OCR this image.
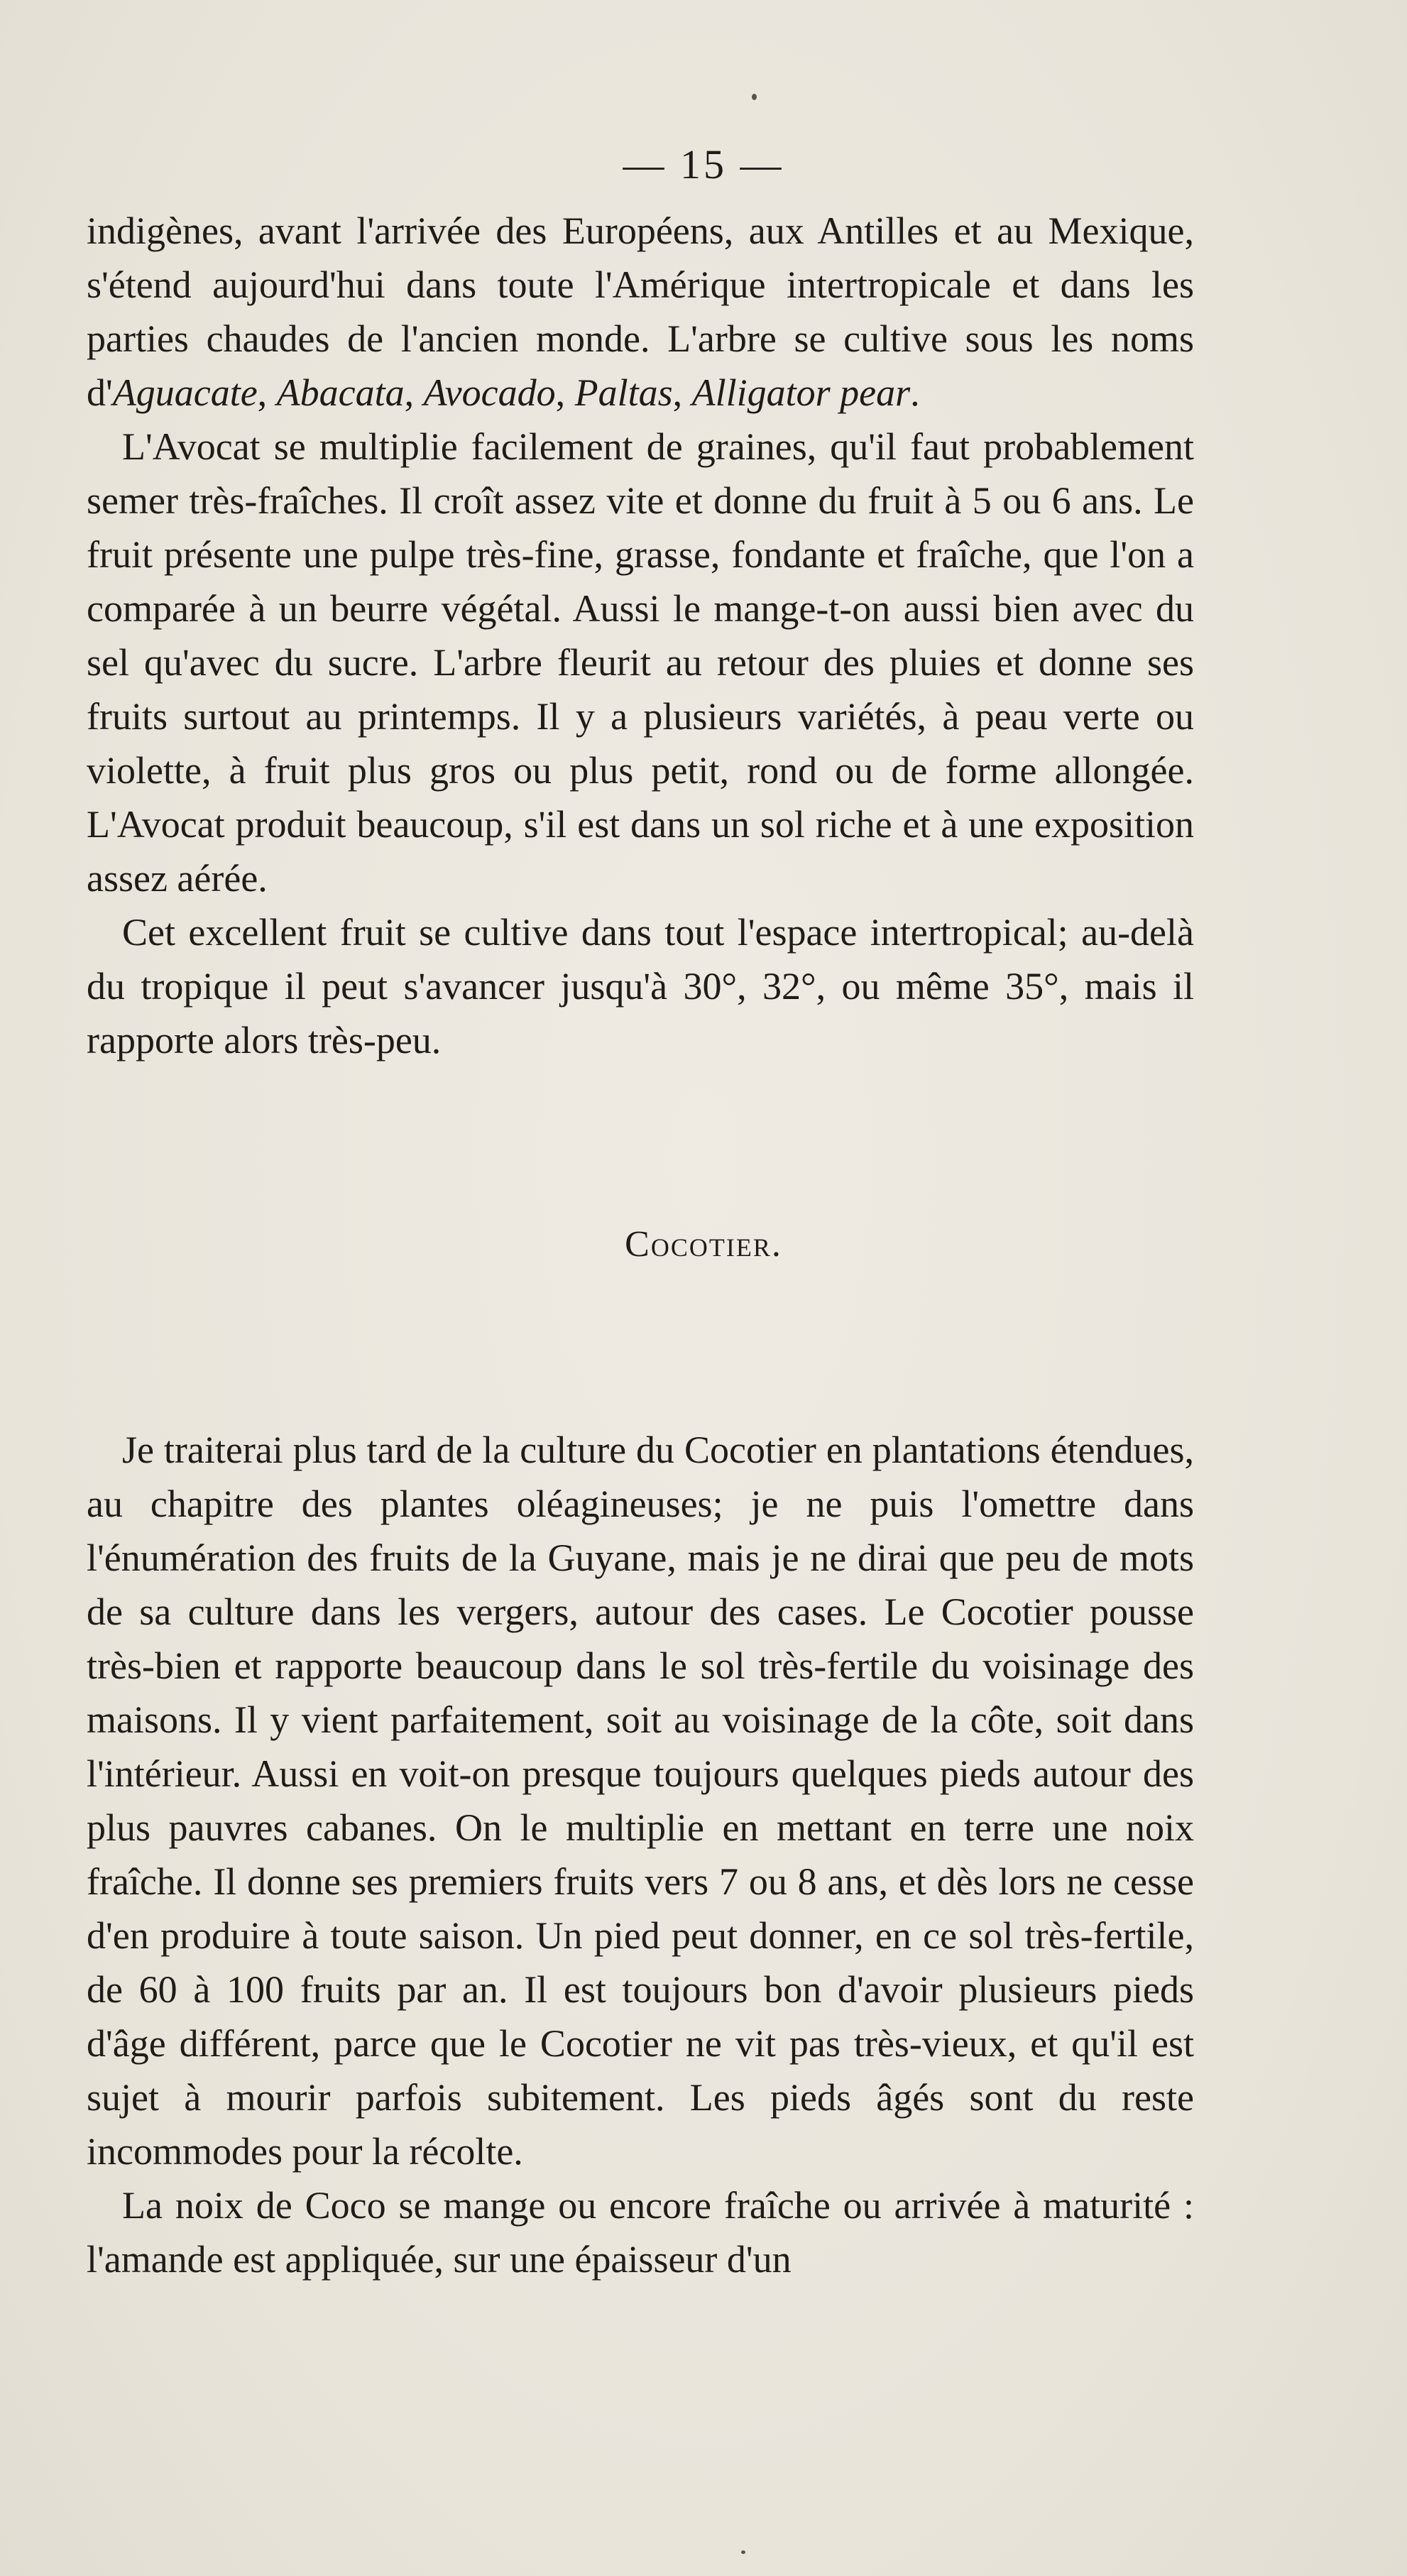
— 15 —

indigènes, avant l'arrivée des Européens, aux Antilles et au Mexique, s'étend aujourd'hui dans toute l'Amérique intertropicale et dans les parties chaudes de l'ancien monde. L'arbre se cultive sous les noms d'Aguacate, Abacata, Avocado, Paltas, Alligator pear.

L'Avocat se multiplie facilement de graines, qu'il faut probablement semer très-fraîches. Il croît assez vite et donne du fruit à 5 ou 6 ans. Le fruit présente une pulpe très-fine, grasse, fondante et fraîche, que l'on a comparée à un beurre végétal. Aussi le mange-t-on aussi bien avec du sel qu'avec du sucre. L'arbre fleurit au retour des pluies et donne ses fruits surtout au printemps. Il y a plusieurs variétés, à peau verte ou violette, à fruit plus gros ou plus petit, rond ou de forme allongée. L'Avocat produit beaucoup, s'il est dans un sol riche et à une exposition assez aérée.

Cet excellent fruit se cultive dans tout l'espace intertropical; au-delà du tropique il peut s'avancer jusqu'à 30°, 32°, ou même 35°, mais il rapporte alors très-peu.

Cocotier.

Je traiterai plus tard de la culture du Cocotier en plantations étendues, au chapitre des plantes oléagineuses; je ne puis l'omettre dans l'énumération des fruits de la Guyane, mais je ne dirai que peu de mots de sa culture dans les vergers, autour des cases. Le Cocotier pousse très-bien et rapporte beaucoup dans le sol très-fertile du voisinage des maisons. Il y vient parfaitement, soit au voisinage de la côte, soit dans l'intérieur. Aussi en voit-on presque toujours quelques pieds autour des plus pauvres cabanes. On le multiplie en mettant en terre une noix fraîche. Il donne ses premiers fruits vers 7 ou 8 ans, et dès lors ne cesse d'en produire à toute saison. Un pied peut donner, en ce sol très-fertile, de 60 à 100 fruits par an. Il est toujours bon d'avoir plusieurs pieds d'âge différent, parce que le Cocotier ne vit pas très-vieux, et qu'il est sujet à mourir parfois subitement. Les pieds âgés sont du reste incommodes pour la récolte.

La noix de Coco se mange ou encore fraîche ou arrivée à maturité : l'amande est appliquée, sur une épaisseur d'un
